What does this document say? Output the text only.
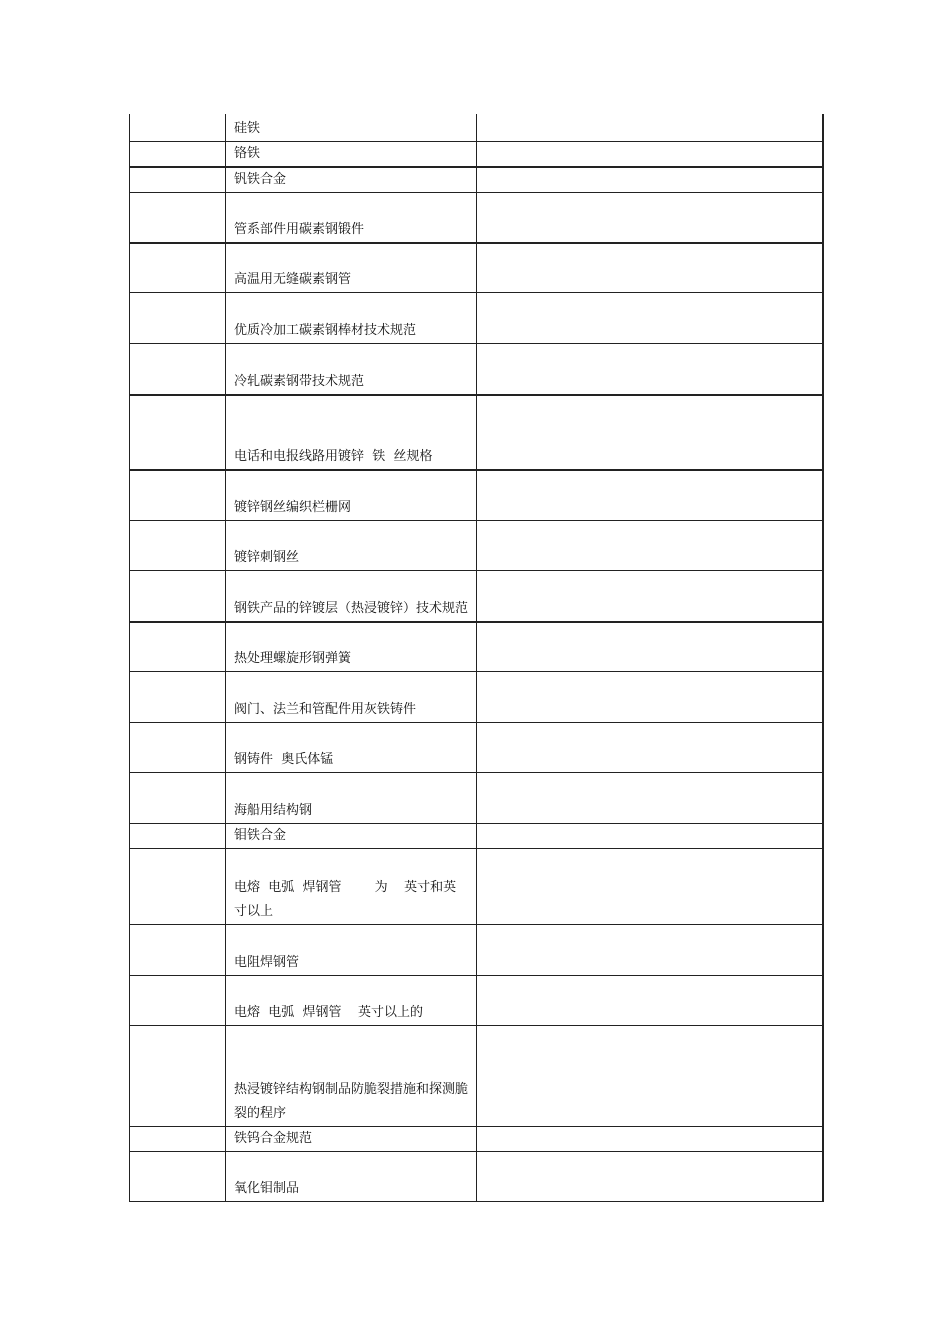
硅铁
铬铁
钒铁合金
管系部件用碳素钢锻件
高温用无缝碳素钢管
优质冷加工碳素钢棒材技术规范
冷轧碳素钢带技术规范
电话和电报线路用镀锌  铁  丝规格
镀锌钢丝编织栏栅网
镀锌刺钢丝
钢铁产品的锌镀层（热浸镀锌）技术规范
热处理螺旋形钢弹簧
阀门、法兰和管配件用灰铁铸件
钢铸件  奥氏体锰
海船用结构钢
钼铁合金
电熔  电弧  焊钢管        为    英寸和英寸以上
电阻焊钢管
电熔  电弧  焊钢管    英寸以上的
热浸镀锌结构钢制品防脆裂措施和探测脆裂的程序
铁钨合金规范
氧化钼制品
